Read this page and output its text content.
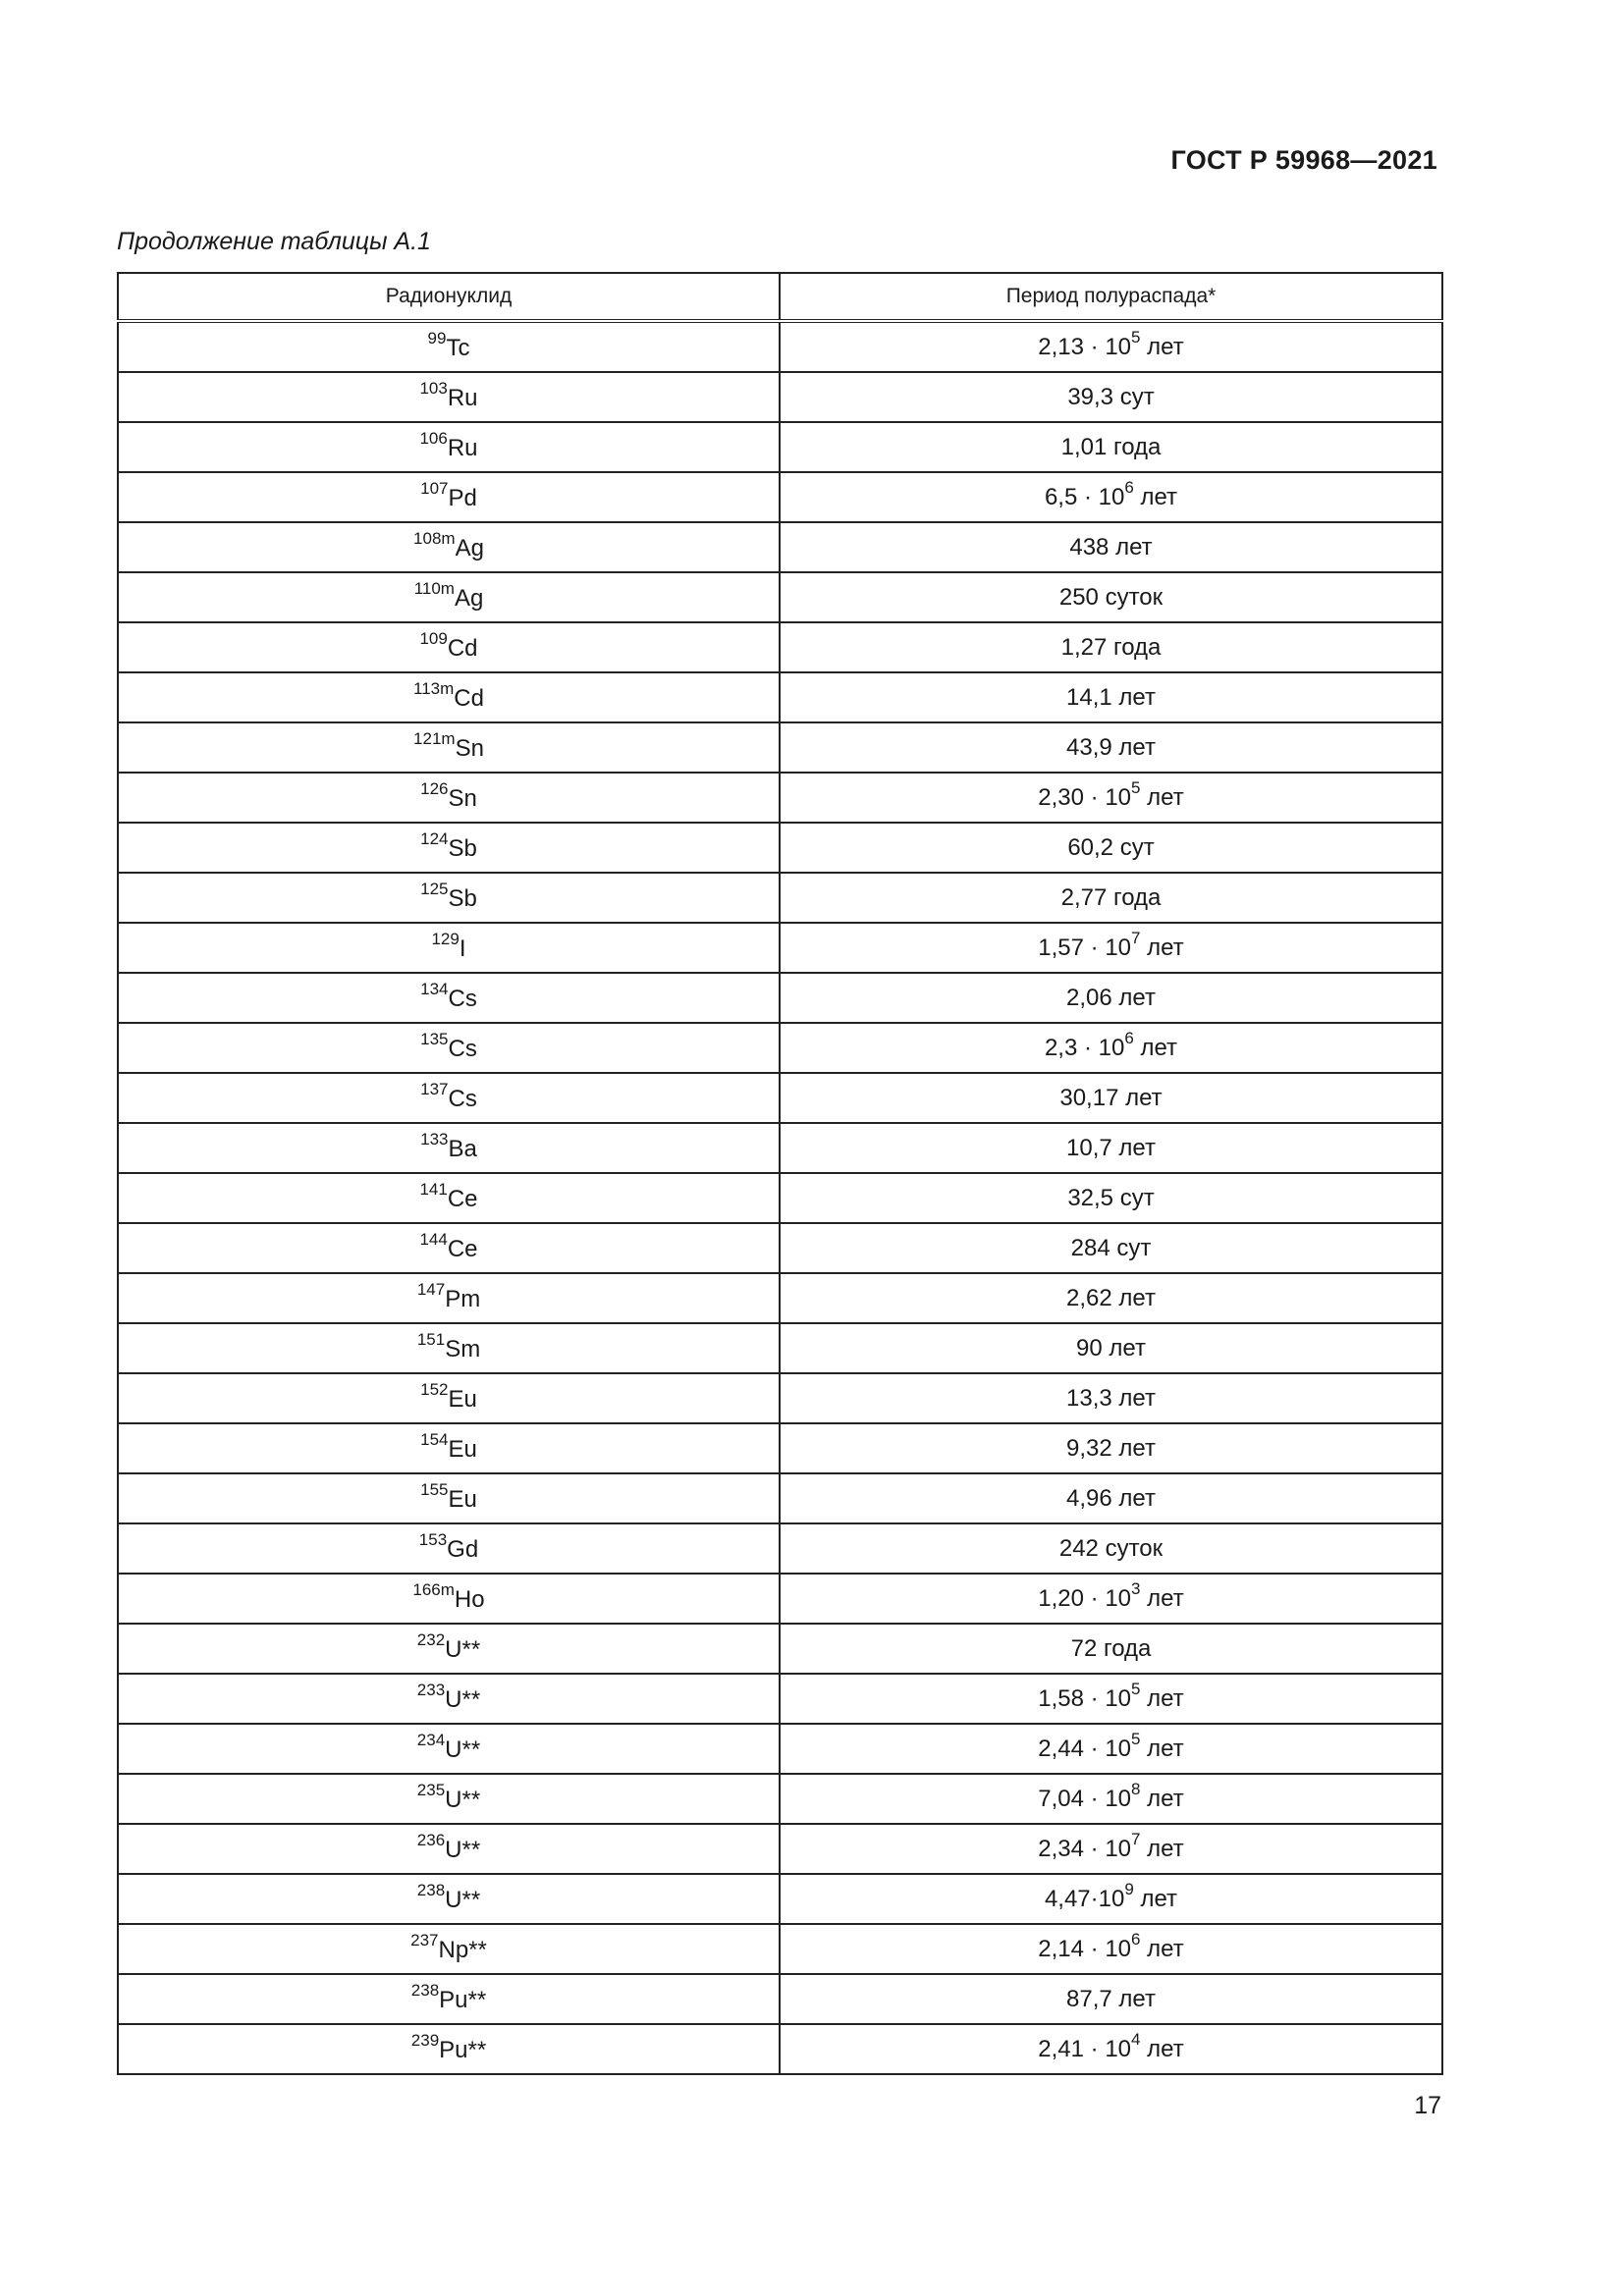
ГОСТ Р 59968—2021
Продолжение таблицы А.1
Радионуклид	Период полураспада*
$^{99}$Tc	$2,13 \cdot 10^5$ лет
$^{103}$Ru	39,3 сут
$^{106}$Ru	1,01 года
$^{107}$Pd	$6,5 \cdot 10^6$ лет
$^{108m}$Ag	438 лет
$^{110m}$Ag	250 суток
$^{109}$Cd	1,27 года
$^{113m}$Cd	14,1 лет
$^{121m}$Sn	43,9 лет
$^{126}$Sn	$2,30 \cdot 10^5$ лет
$^{124}$Sb	60,2 сут
$^{125}$Sb	2,77 года
$^{129}$I	$1,57 \cdot 10^7$ лет
$^{134}$Cs	2,06 лет
$^{135}$Cs	$2,3 \cdot 10^6$ лет
$^{137}$Cs	30,17 лет
$^{133}$Ba	10,7 лет
$^{141}$Ce	32,5 сут
$^{144}$Ce	284 сут
$^{147}$Pm	2,62 лет
$^{151}$Sm	90 лет
$^{152}$Eu	13,3 лет
$^{154}$Eu	9,32 лет
$^{155}$Eu	4,96 лет
$^{153}$Gd	242 суток
$^{166m}$Ho	$1,20 \cdot 10^3$ лет
$^{232}$U**	72 года
$^{233}$U**	$1,58 \cdot 10^5$ лет
$^{234}$U**	$2,44 \cdot 10^5$ лет
$^{235}$U**	$7,04 \cdot 10^8$ лет
$^{236}$U**	$2,34 \cdot 10^7$ лет
$^{238}$U**	$4,47\cdot 10^9$ лет
$^{237}$Np**	$2,14 \cdot 10^6$ лет
$^{238}$Pu**	87,7 лет
$^{239}$Pu**	$2,41 \cdot 10^4$ лет
17
